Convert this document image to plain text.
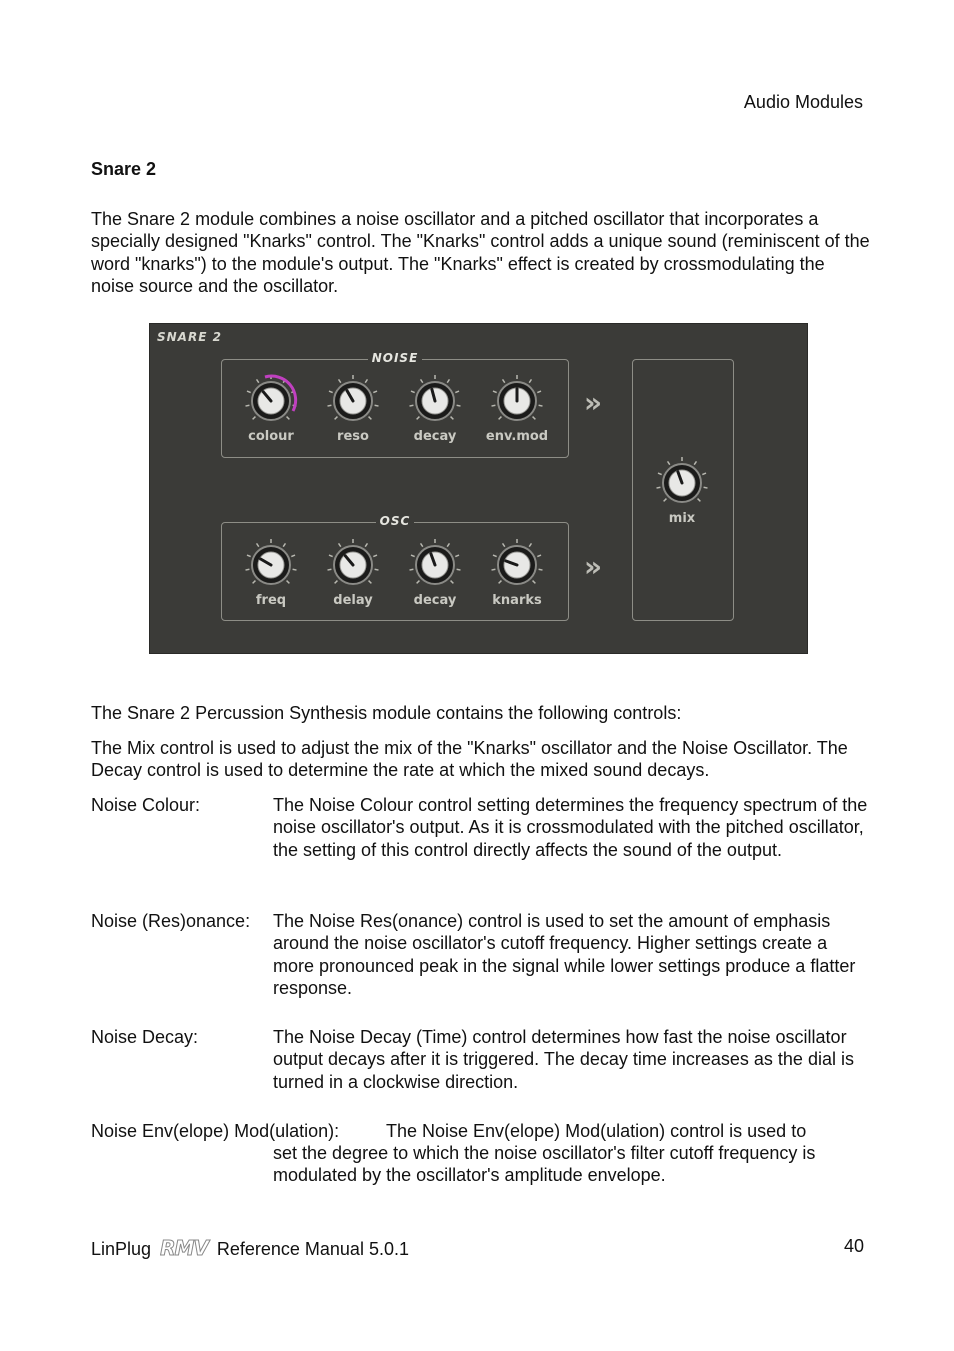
Audio Modules
Snare 2
The Snare 2 module combines a noise oscillator and a pitched oscillator that incorporates a specially designed "Knarks" control. The "Knarks" control adds a unique sound (reminiscent of the word "knarks") to the module's output. The "Knarks" effect is created by crossmodulating the noise source and the oscillator.
SNARE 2
NOISE
OSC
»
»
colour	reso	decay	env.mod
freq	delay	decay	knarks
mix
The Snare 2 Percussion Synthesis module contains the following controls:
The Mix control is used to adjust the mix of the "Knarks" oscillator and the Noise Oscillator. The Decay control is used to determine the rate at which the mixed sound decays.
Noise Colour:	The Noise Colour control setting determines the frequency spectrum of the noise oscillator's output. As it is crossmodulated with the pitched oscillator, the setting of this control directly affects the sound of the output.
Noise (Res)onance: The Noise Res(onance) control is used to set the amount of emphasis around the noise oscillator's cutoff frequency. Higher settings create a more pronounced peak in the signal while lower settings produce a flatter response.
Noise Decay:	The Noise Decay (Time) control determines how fast the noise oscillator output decays after it is triggered. The decay time increases as the dial is turned in a clockwise direction.
Noise Env(elope) Mod(ulation):	The Noise Env(elope) Mod(ulation) control is used to
set the degree to which the noise oscillator's filter cutoff frequency is modulated by the oscillator's amplitude envelope.
LinPlug RMV Reference Manual 5.0.1	40
